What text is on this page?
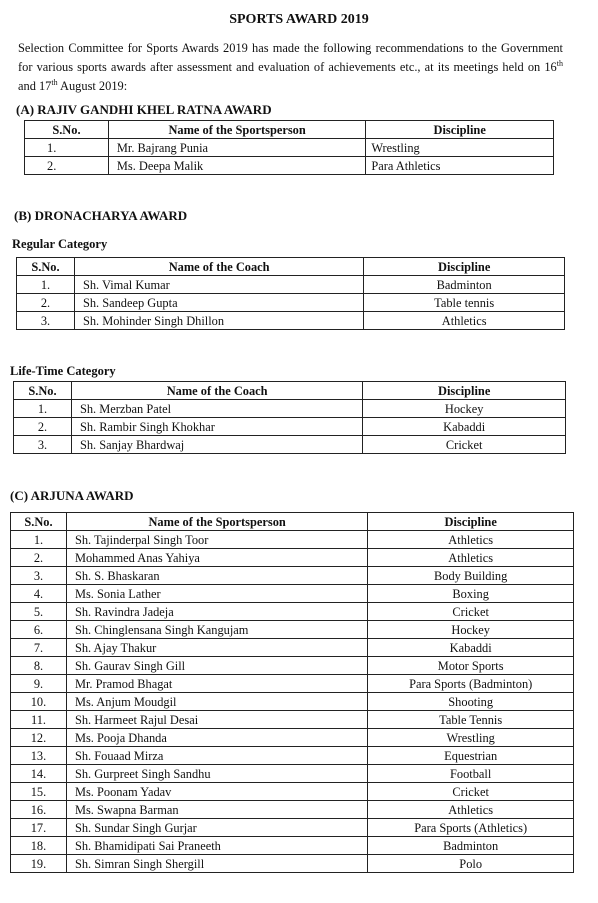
SPORTS AWARD 2019
Selection Committee for Sports Awards 2019 has made the following recommendations to the Government for various sports awards after assessment and evaluation of achievements etc., at its meetings held on 16th and 17th August 2019:
(A) RAJIV GANDHI KHEL RATNA AWARD
S.No.	Name of the Sportsperson	Discipline
1.	Mr. Bajrang Punia	Wrestling
2.	Ms. Deepa Malik	Para Athletics
(B) DRONACHARYA AWARD
Regular Category
S.No.	Name of the Coach	Discipline
1.	Sh. Vimal Kumar	Badminton
2.	Sh. Sandeep Gupta	Table tennis
3.	Sh. Mohinder Singh Dhillon	Athletics
Life-Time Category
S.No.	Name of the Coach	Discipline
1.	Sh. Merzban Patel	Hockey
2.	Sh. Rambir Singh Khokhar	Kabaddi
3.	Sh. Sanjay Bhardwaj	Cricket
(C) ARJUNA AWARD
S.No.	Name of the Sportsperson	Discipline
1.	Sh. Tajinderpal Singh Toor	Athletics
2.	Mohammed Anas Yahiya	Athletics
3.	Sh. S. Bhaskaran	Body Building
4.	Ms. Sonia Lather	Boxing
5.	Sh. Ravindra Jadeja	Cricket
6.	Sh. Chinglensana Singh Kangujam	Hockey
7.	Sh. Ajay Thakur	Kabaddi
8.	Sh. Gaurav Singh Gill	Motor Sports
9.	Mr. Pramod Bhagat	Para Sports (Badminton)
10.	Ms. Anjum Moudgil	Shooting
11.	Sh. Harmeet Rajul Desai	Table Tennis
12.	Ms. Pooja Dhanda	Wrestling
13.	Sh. Fouaad Mirza	Equestrian
14.	Sh. Gurpreet Singh Sandhu	Football
15.	Ms. Poonam Yadav	Cricket
16.	Ms. Swapna Barman	Athletics
17.	Sh. Sundar Singh Gurjar	Para Sports (Athletics)
18.	Sh. Bhamidipati Sai Praneeth	Badminton
19.	Sh. Simran Singh Shergill	Polo
